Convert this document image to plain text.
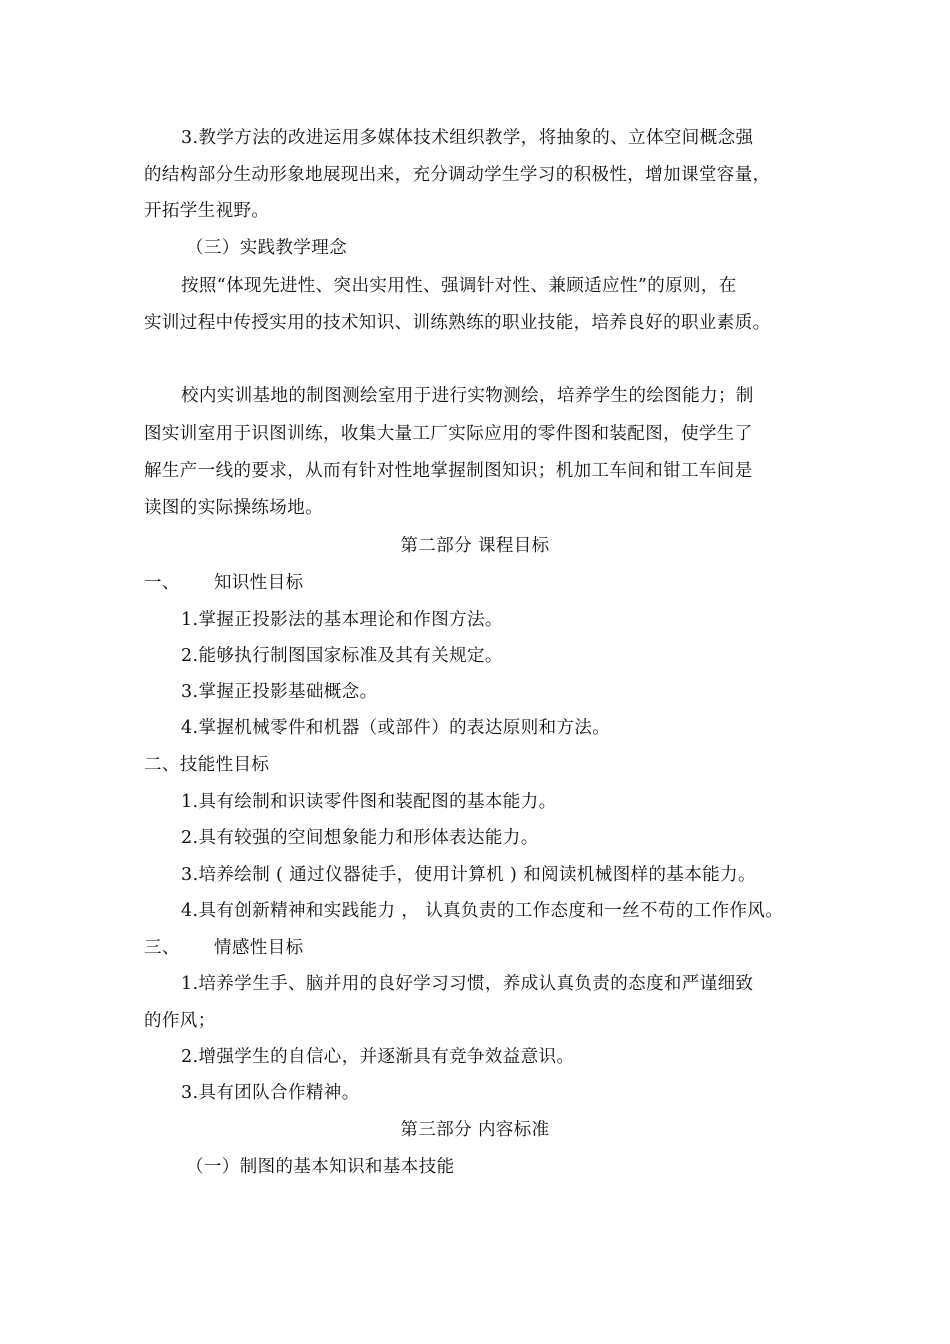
3.教学方法的改进运用多媒体技术组织教学，将抽象的、立体空间概念强
的结构部分生动形象地展现出来，充分调动学生学习的积极性，增加课堂容量，
开拓学生视野。
（三）实践教学理念
按照“体现先进性、突出实用性、强调针对性、兼顾适应性”的原则，在
实训过程中传授实用的技术知识、训练熟练的职业技能，培养良好的职业素质。
校内实训基地的制图测绘室用于进行实物测绘，培养学生的绘图能力；制
图实训室用于识图训练，收集大量工厂实际应用的零件图和装配图，使学生了
解生产一线的要求，从而有针对性地掌握制图知识；机加工车间和钳工车间是
读图的实际操练场地。
第二部分 课程目标
一、 知识性目标
1.掌握正投影法的基本理论和作图方法。
2.能够执行制图国家标准及其有关规定。
3.掌握正投影基础概念。
4.掌握机械零件和机器（或部件）的表达原则和方法。
二、技能性目标
1.具有绘制和识读零件图和装配图的基本能力。
2.具有较强的空间想象能力和形体表达能力。
3.培养绘制 ( 通过仪器徒手，使用计算机 ) 和阅读机械图样的基本能力。
4.具有创新精神和实践能力 ， 认真负责的工作态度和一丝不苟的工作作风。
三、 情感性目标
1.培养学生手、脑并用的良好学习习惯，养成认真负责的态度和严谨细致
的作风；
2.增强学生的自信心，并逐渐具有竞争效益意识。
3.具有团队合作精神。
第三部分 内容标准
（一）制图的基本知识和基本技能
